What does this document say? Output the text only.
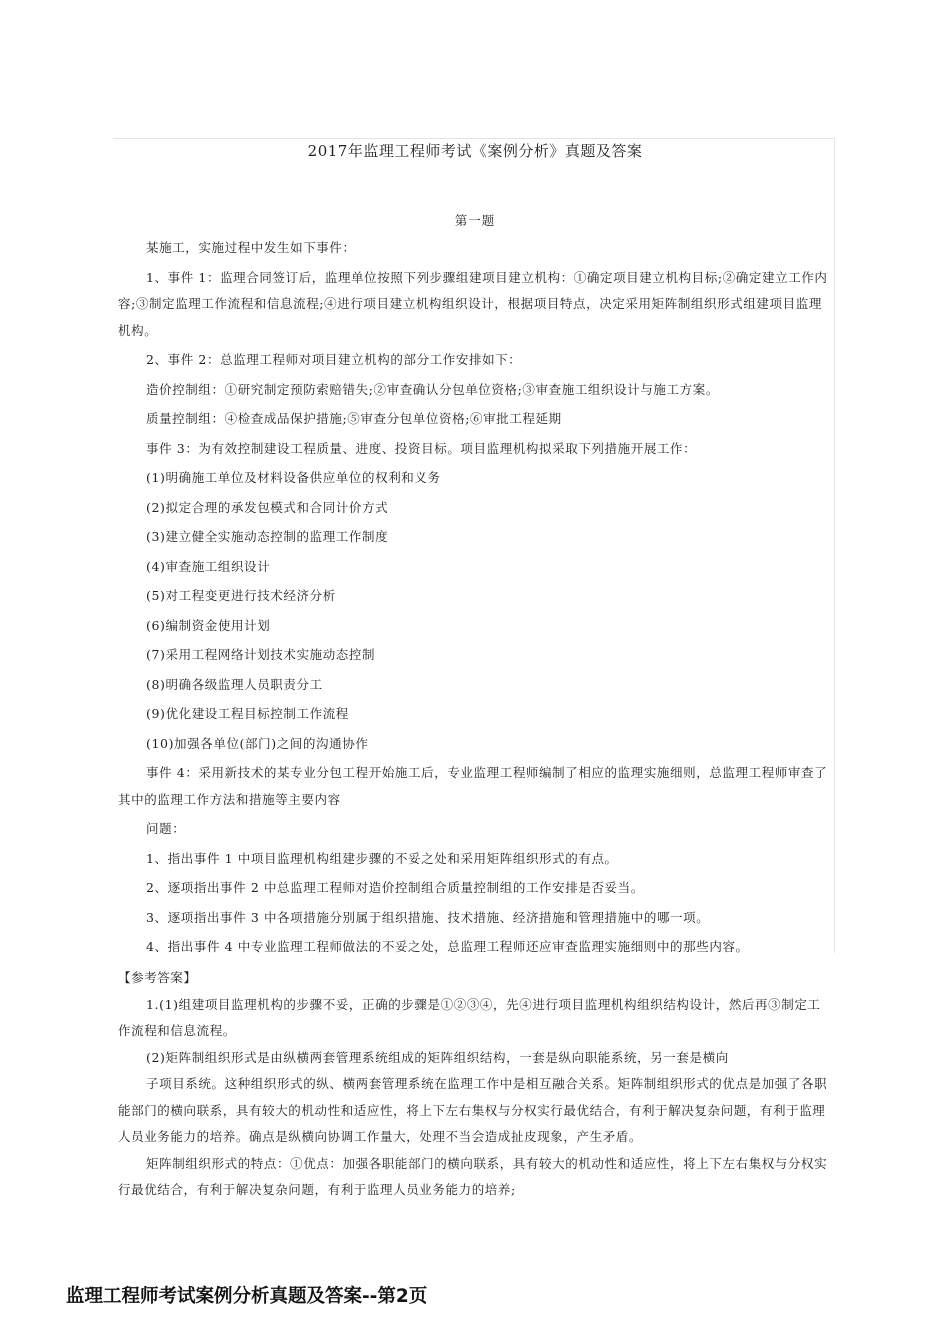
2017年监理工程师考试《案例分析》真题及答案
第一题

某施工，实施过程中发生如下事件：

1、事件 1：监理合同签订后，监理单位按照下列步骤组建项目建立机构：①确定项目建立机构目标;②确定建立工作内容;③制定监理工作流程和信息流程;④进行项目建立机构组织设计，根据项目特点，决定采用矩阵制组织形式组建项目监理机构。

2、事件 2：总监理工程师对项目建立机构的部分工作安排如下：

造价控制组：①研究制定预防索赔错失;②审查确认分包单位资格;③审查施工组织设计与施工方案。

质量控制组：④检查成品保护措施;⑤审查分包单位资格;⑥审批工程延期

事件 3：为有效控制建设工程质量、进度、投资目标。项目监理机构拟采取下列措施开展工作：

(1)明确施工单位及材料设备供应单位的权利和义务

(2)拟定合理的承发包模式和合同计价方式

(3)建立健全实施动态控制的监理工作制度

(4)审查施工组织设计

(5)对工程变更进行技术经济分析

(6)编制资金使用计划

(7)采用工程网络计划技术实施动态控制

(8)明确各级监理人员职责分工

(9)优化建设工程目标控制工作流程

(10)加强各单位(部门)之间的沟通协作

事件 4：采用新技术的某专业分包工程开始施工后，专业监理工程师编制了相应的监理实施细则，总监理工程师审查了其中的监理工作方法和措施等主要内容

问题：

1、指出事件 1 中项目监理机构组建步骤的不妥之处和采用矩阵组织形式的有点。

2、逐项指出事件 2 中总监理工程师对造价控制组合质量控制组的工作安排是否妥当。

3、逐项指出事件 3 中各项措施分别属于组织措施、技术措施、经济措施和管理措施中的哪一项。

4、指出事件 4 中专业监理工程师做法的不妥之处，总监理工程师还应审查监理实施细则中的那些内容。

【参考答案】

1.(1)组建项目监理机构的步骤不妥，正确的步骤是①②③④，先④进行项目监理机构组织结构设计，然后再③制定工作流程和信息流程。

(2)矩阵制组织形式是由纵横两套管理系统组成的矩阵组织结构，一套是纵向职能系统，另一套是横向

子项目系统。这种组织形式的纵、横两套管理系统在监理工作中是相互融合关系。矩阵制组织形式的优点是加强了各职能部门的横向联系，具有较大的机动性和适应性，将上下左右集权与分权实行最优结合，有利于解决复杂问题，有利于监理人员业务能力的培养。确点是纵横向协调工作量大，处理不当会造成扯皮现象，产生矛盾。

矩阵制组织形式的特点：①优点：加强各职能部门的横向联系，具有较大的机动性和适应性，将上下左右集权与分权实行最优结合，有利于解决复杂问题，有利于监理人员业务能力的培养;

监理工程师考试案例分析真题及答案--第2页
